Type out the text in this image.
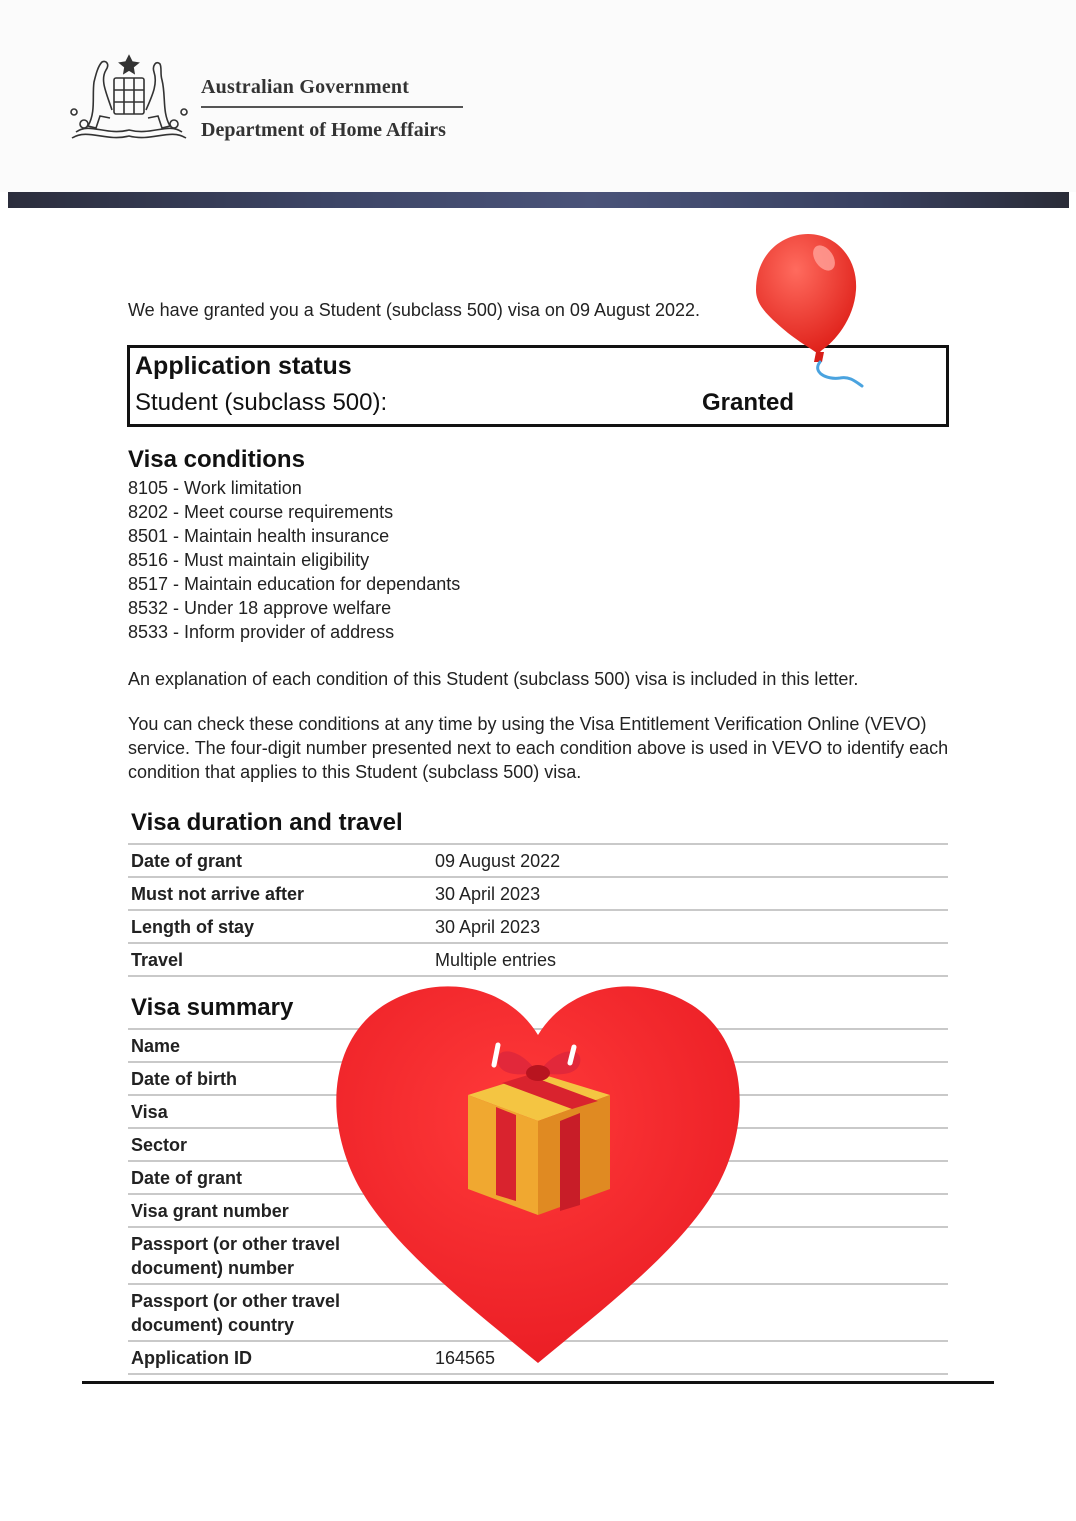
Australian Government
Department of Home Affairs
We have granted you a Student (subclass 500) visa on 09 August 2022.
Application status
Student (subclass 500):	Granted
Visa conditions
8105 - Work limitation
8202 - Meet course requirements
8501 - Maintain health insurance
8516 - Must maintain eligibility
8517 - Maintain education for dependants
8532 - Under 18 approve welfare
8533 - Inform provider of address

An explanation of each condition of this Student (subclass 500) visa is included in this letter.

You can check these conditions at any time by using the Visa Entitlement Verification Online (VEVO) service. The four-digit number presented next to each condition above is used in VEVO to identify each condition that applies to this Student (subclass 500) visa.

Visa duration and travel
Date of grant	09 August 2022
Must not arrive after	30 April 2023
Length of stay	30 April 2023
Travel	Multiple entries
Visa summary
Name
Date of birth
Visa
Sector
Date of grant
Visa grant number
Passport (or other travel document) number
Passport (or other travel document) country
Application ID	164565
